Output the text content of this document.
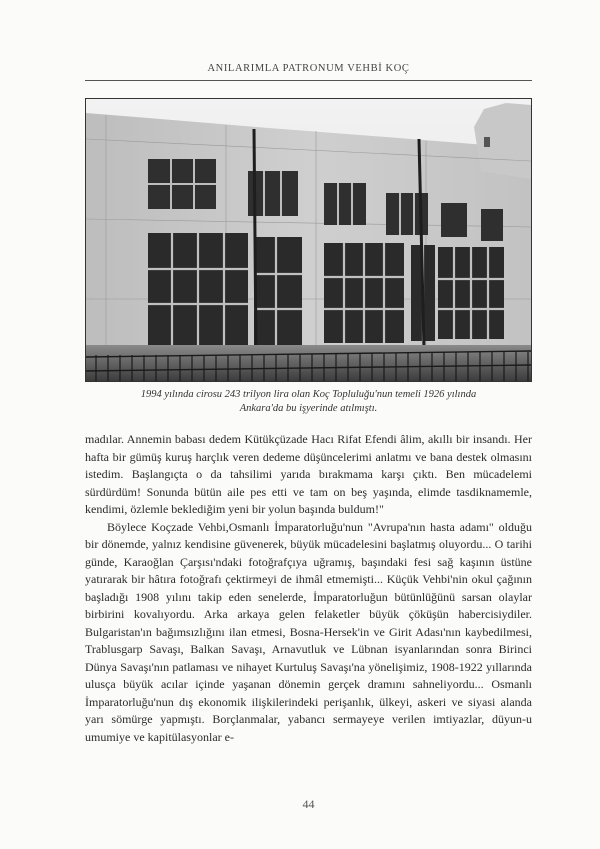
ANILARIMLA PATRONUM VEHBİ KOÇ
1994 yılında cirosu 243 trilyon lira olan Koç Topluluğu'nun temeli 1926 yılında
Ankara'da bu işyerinde atılmıştı.

madılar. Annemin babası dedem Kütükçüzade Hacı Rifat Efendi âlim, akıllı bir insandı. Her hafta bir gümüş kuruş harçlık veren dedeme düşüncelerimi anlatmı ve bana destek olmasını istedim. Başlangıçta o da tahsilimi yarıda bırakmama karşı çıktı. Ben mücadelemi sürdürdüm! Sonunda bütün aile pes etti ve tam on beş yaşında, elimde tasdiknamemle, kendimi, özlemle beklediğim yeni bir yolun başında buldum!"

Böylece Koçzade Vehbi,Osmanlı İmparatorluğu'nun "Avrupa'nın hasta adamı" olduğu bir dönemde, yalnız kendisine güvenerek, büyük mücadelesini başlatmış oluyordu... O tarihi günde, Karaoğlan Çarşısı'ndaki fotoğrafçıya uğramış, başındaki fesi sağ kaşının üstüne yatırarak bir hâtıra fotoğrafı çektirmeyi de ihmâl etmemişti... Küçük Vehbi'nin okul çağının başladığı 1908 yılını takip eden senelerde, İmparatorluğun bütünlüğünü sarsan olaylar birbirini kovalıyordu. Arka arkaya gelen felaketler büyük çöküşün habercisiydiler. Bulgaristan'ın bağımsızlığını ilan etmesi, Bosna-Hersek'in ve Girit Adası'nın kaybedilmesi, Trablusgarp Savaşı, Balkan Savaşı, Arnavutluk ve Lübnan isyanlarından sonra Birinci Dünya Savaşı'nın patlaması ve nihayet Kurtuluş Savaşı'na yönelişimiz, 1908-1922 yıllarında ulusça büyük acılar içinde yaşanan dönemin gerçek dramını sahneliyordu... Osmanlı İmparatorluğu'nun dış ekonomik ilişkilerindeki perişanlık, ülkeyi, askeri ve siyasi alanda yarı sömürge yapmıştı. Borçlanmalar, yabancı sermayeye verilen imtiyazlar, düyun-u umumiye ve kapitülasyonlar e-

44
